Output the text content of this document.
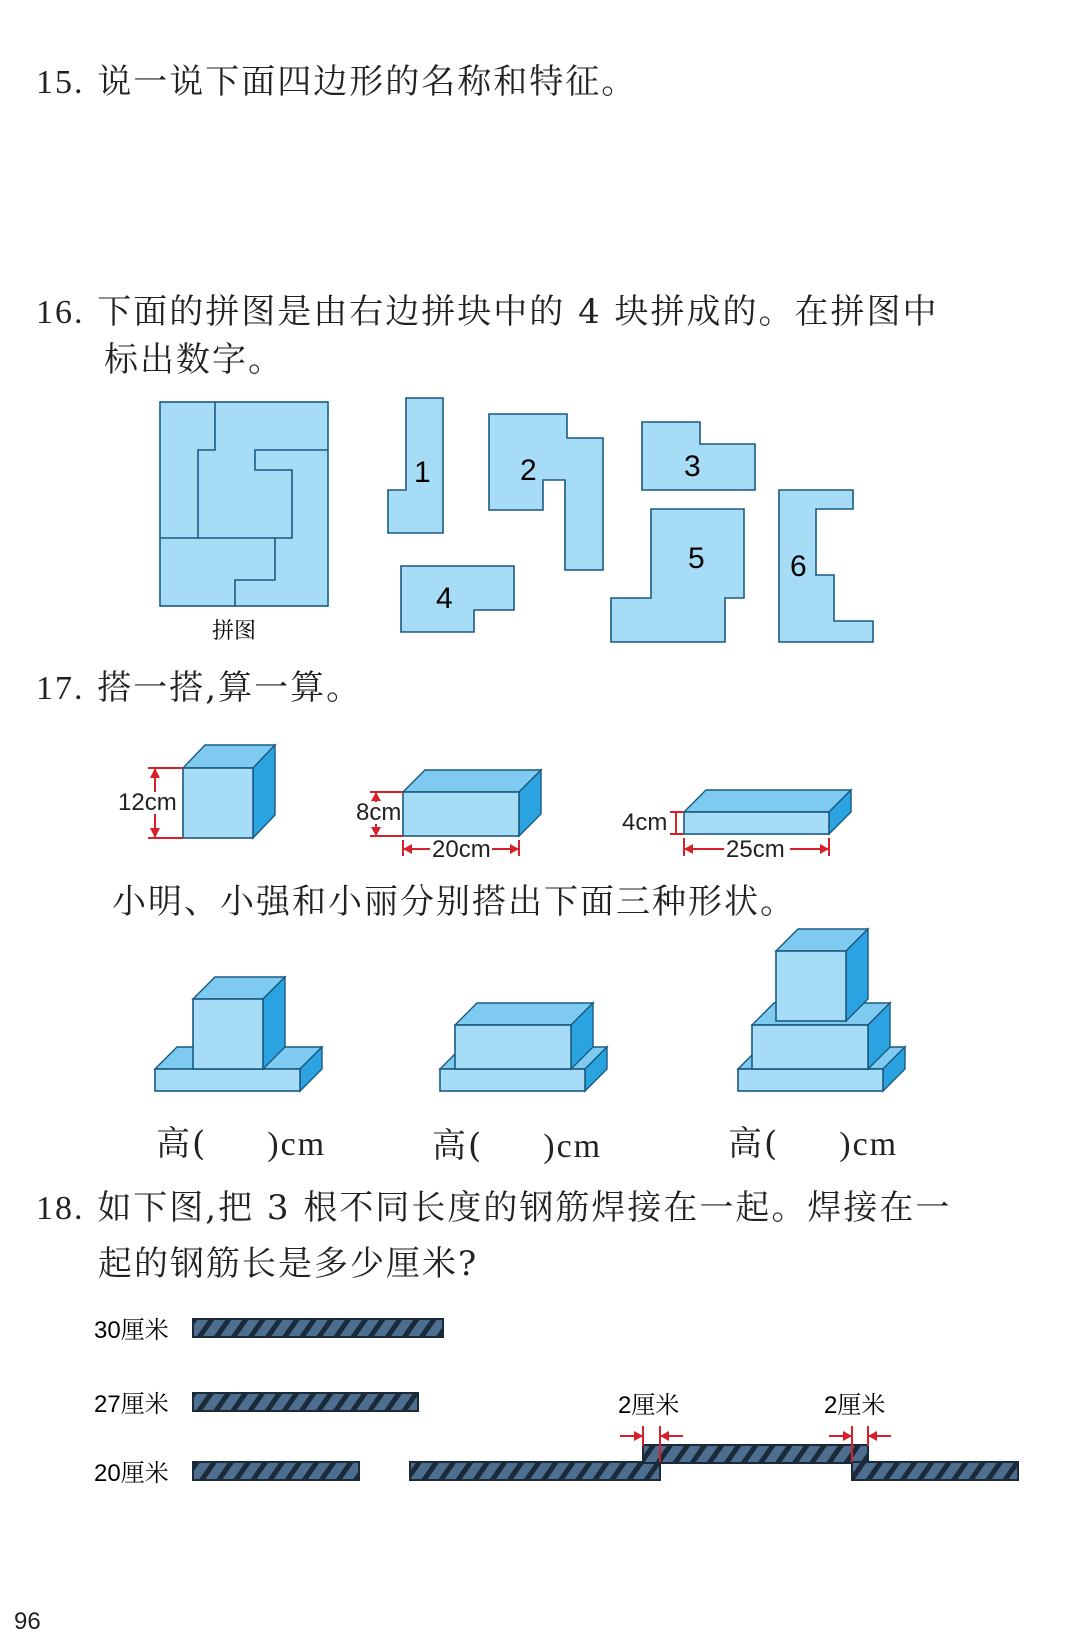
15. 说一说下面四边形的名称和特征。
16. 下面的拼图是由右边拼块中的 4 块拼成的。在拼图中
标出数字。
拼图
1	2	3
4
5	6
17. 搭一搭,算一算。
12cm	8cm
20cm
4cm
25cm
小明、小强和小丽分别搭出下面三种形状。
高( )cm	高( )cm	高( )cm
18. 如下图,把 3 根不同长度的钢筋焊接在一起。焊接在一
起的钢筋长是多少厘米?
30厘米
27厘米
20厘米
2厘米	2厘米
96
